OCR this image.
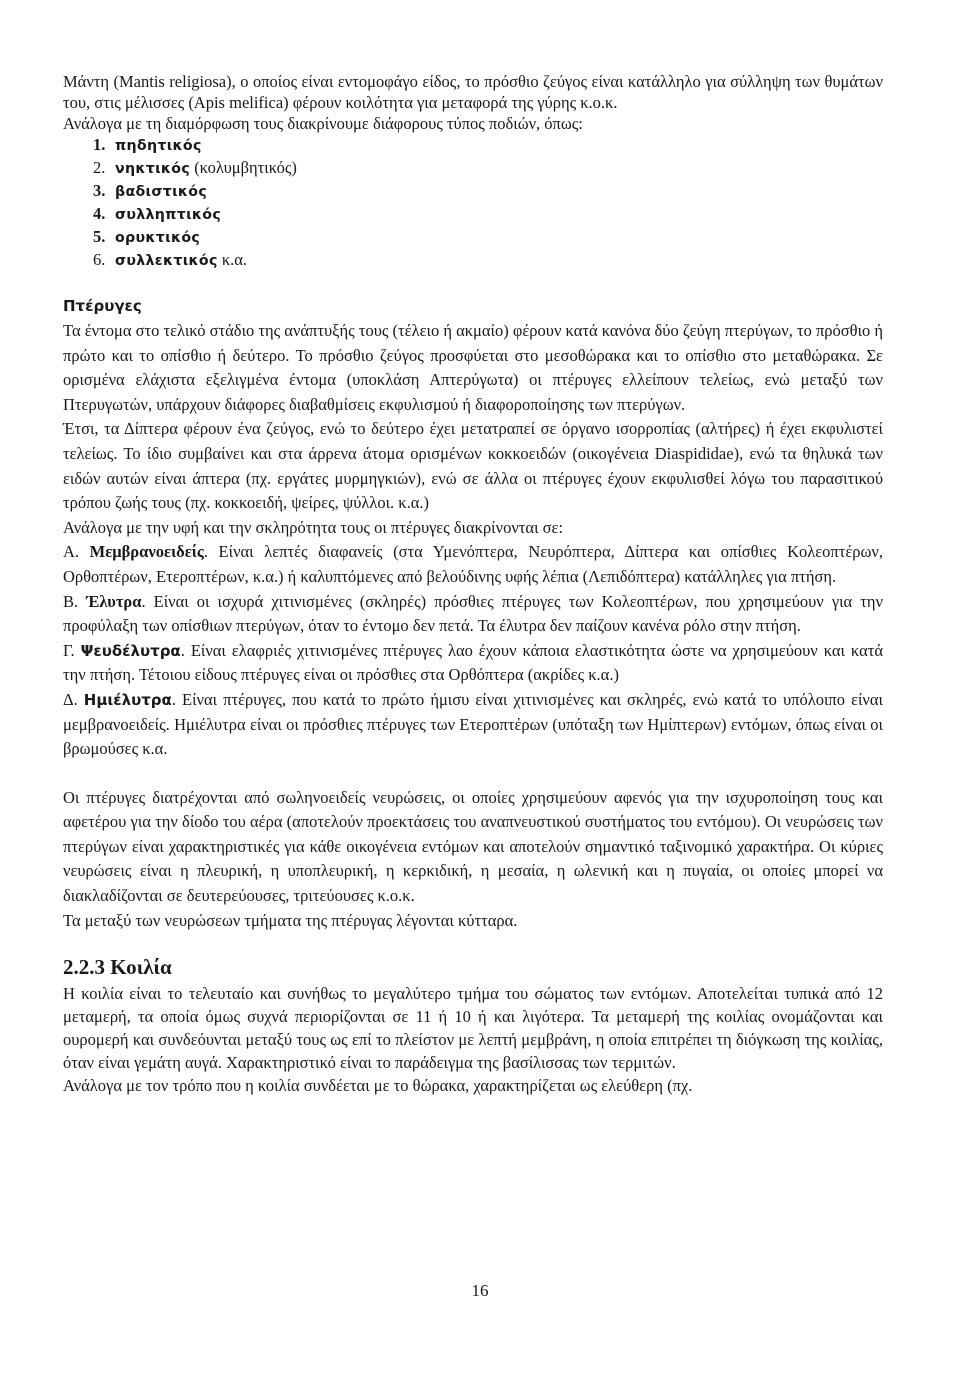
Μάντη (Mantis religiosa), ο οποίος είναι εντομοφάγο είδος, το πρόσθιο ζεύγος είναι κατάλληλο για σύλληψη των θυμάτων του, στις μέλισσες (Apis melifica) φέρουν κοιλότητα για μεταφορά της γύρης κ.ο.κ.

Ανάλογα με τη διαμόρφωση τους διακρίνουμε διάφορους τύπος ποδιών, όπως:

1. πηδητικός
2. νηκτικός (κολυμβητικός)
3. βαδιστικός
4. συλληπτικός
5. ορυκτικός
6. συλλεκτικός κ.α.
Πτέρυγες

Τα έντομα στο τελικό στάδιο της ανάπτυξής τους (τέλειο ή ακμαίο) φέρουν κατά κανόνα δύο ζεύγη πτερύγων, το πρόσθιο ή πρώτο και το οπίσθιο ή δεύτερο. Το πρόσθιο ζεύγος προσφύεται στο μεσοθώρακα και το οπίσθιο στο μεταθώρακα. Σε ορισμένα ελάχιστα εξελιγμένα έντομα (υποκλάση Απτερύγωτα) οι πτέρυγες ελλείπουν τελείως, ενώ μεταξύ των Πτερυγωτών, υπάρχουν διάφορες διαβαθμίσεις εκφυλισμού ή διαφοροποίησης των πτερύγων.

Έτσι, τα Δίπτερα φέρουν ένα ζεύγος, ενώ το δεύτερο έχει μετατραπεί σε όργανο ισορροπίας (αλτήρες) ή έχει εκφυλιστεί τελείως. Το ίδιο συμβαίνει και στα άρρενα άτομα ορισμένων κοκκοειδών (οικογένεια Diaspididae), ενώ τα θηλυκά των ειδών αυτών είναι άπτερα (πχ. εργάτες μυρμηγκιών), ενώ σε άλλα οι πτέρυγες έχουν εκφυλισθεί λόγω του παρασιτικού τρόπου ζωής τους (πχ. κοκκοειδή, ψείρες, ψύλλοι. κ.α.)

Ανάλογα με την υφή και την σκληρότητα τους οι πτέρυγες διακρίνονται σε:

Α. Μεμβρανοειδείς. Είναι λεπτές διαφανείς (στα Υμενόπτερα, Νευρόπτερα, Δίπτερα και οπίσθιες Κολεοπτέρων, Ορθοπτέρων, Ετεροπτέρων, κ.α.) ή καλυπτόμενες από βελούδινης υφής λέπια (Λεπιδόπτερα) κατάλληλες για πτήση.

Β. Έλυτρα. Είναι οι ισχυρά χιτινισμένες (σκληρές) πρόσθιες πτέρυγες των Κολεοπτέρων, που χρησιμεύουν για την προφύλαξη των οπίσθιων πτερύγων, όταν το έντομο δεν πετά. Τα έλυτρα δεν παίζουν κανένα ρόλο στην πτήση.

Γ. Ψευδέλυτρα. Είναι ελαφριές χιτινισμένες πτέρυγες λαο έχουν κάποια ελαστικότητα ώστε να χρησιμεύουν και κατά την πτήση. Τέτοιου είδους πτέρυγες είναι οι πρόσθιες στα Ορθόπτερα (ακρίδες κ.α.)

Δ. Ημιέλυτρα. Είναι πτέρυγες, που κατά το πρώτο ήμισυ είναι χιτινισμένες και σκληρές, ενώ κατά το υπόλοιπο είναι μεμβρανοειδείς. Ημιέλυτρα είναι οι πρόσθιες πτέρυγες των Ετεροπτέρων (υπόταξη των Ημίπτερων) εντόμων, όπως είναι οι βρωμούσες κ.α.

Οι πτέρυγες διατρέχονται από σωληνοειδείς νευρώσεις, οι οποίες χρησιμεύουν αφενός για την ισχυροποίηση τους και αφετέρου για την δίοδο του αέρα (αποτελούν προεκτάσεις του αναπνευστικού συστήματος του εντόμου). Οι νευρώσεις των πτερύγων είναι χαρακτηριστικές για κάθε οικογένεια εντόμων και αποτελούν σημαντικό ταξινομικό χαρακτήρα. Οι κύριες νευρώσεις είναι η πλευρική, η υποπλευρική, η κερκιδική, η μεσαία, η ωλενική και η πυγαία, οι οποίες μπορεί να διακλαδίζονται σε δευτερεύουσες, τριτεύουσες κ.ο.κ.

Τα μεταξύ των νευρώσεων τμήματα της πτέρυγας λέγονται κύτταρα.

2.2.3 Κοιλία

Η κοιλία είναι το τελευταίο και συνήθως το μεγαλύτερο τμήμα του σώματος των εντόμων. Αποτελείται τυπικά από 12 μεταμερή, τα οποία όμως συχνά περιορίζονται σε 11 ή 10 ή και λιγότερα. Τα μεταμερή της κοιλίας ονομάζονται και ουρομερή και συνδεόυνται μεταξύ τους ως επί το πλείστον με λεπτή μεμβράνη, η οποία επιτρέπει τη διόγκωση της κοιλίας, όταν είναι γεμάτη αυγά. Χαρακτηριστικό είναι το παράδειγμα της βασίλισσας των τερμιτών.

Ανάλογα με τον τρόπο που η κοιλία συνδέεται με το θώρακα, χαρακτηρίζεται ως ελεύθερη (πχ.

16
